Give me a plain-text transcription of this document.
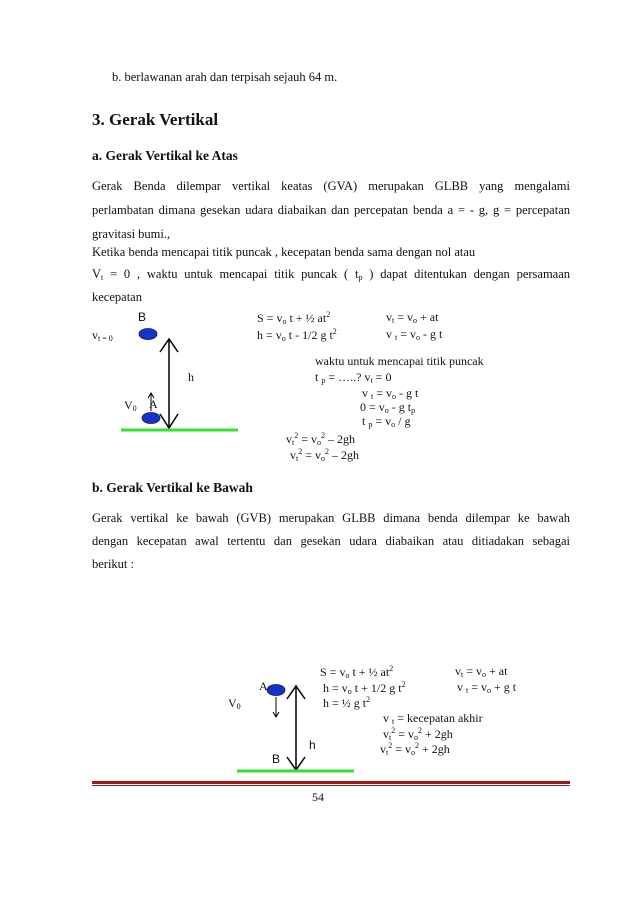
b. berlawanan arah dan terpisah sejauh 64 m.
3. Gerak Vertikal
a. Gerak Vertikal ke Atas
Gerak Benda dilempar vertikal keatas (GVA) merupakan GLBB yang mengalami
perlambatan dimana gesekan udara diabaikan dan percepatan benda a = - g, g = percepatan
gravitasi bumi.,
Ketika benda mencapai titik puncak , kecepatan benda sama dengan nol atau
$V_t = 0$ , waktu untuk mencapai titik puncak ( $t_p$ ) dapat ditentukan dengan persamaan
kecepatan
B
$v_{t = 0}$
h
$V_0$ A
$S = v_o$ t + ½ $at^2$	$v_t = v_o$ + at
$h = v_o$ t - 1/2 g $t^2$	v $_t = v_o - g$ t
waktu untuk mencapai titik puncak
t $_p$ = …..? $v_t = 0$
v $_t = v_o - g$ t
$0 = v_o - g$ $t_p$
t $_p = v_o / g$
$v_t^2 = v_o^2 - 2gh$
$v_t^2 = v_o^2 - 2gh$
b. Gerak Vertikal ke Bawah
Gerak vertikal ke bawah (GVB) merupakan GLBB dimana benda dilempar ke bawah
dengan kecepatan awal tertentu dan gesekan udara diabaikan atau ditiadakan sebagai
berikut :
A
$V_0$
h
B
$S = v_o$ t + ½ $at^2$	$v_t = v_o$ + at
$h = v_o$ t + 1/2 g $t^2$	v $_t = v_o + g$ t
h = ½ g $t^2$
v $_t$ = kecepatan akhir
$v_t^2 = v_o^2 + 2gh$
$v_t^2 = v_o^2 + 2gh$
54
